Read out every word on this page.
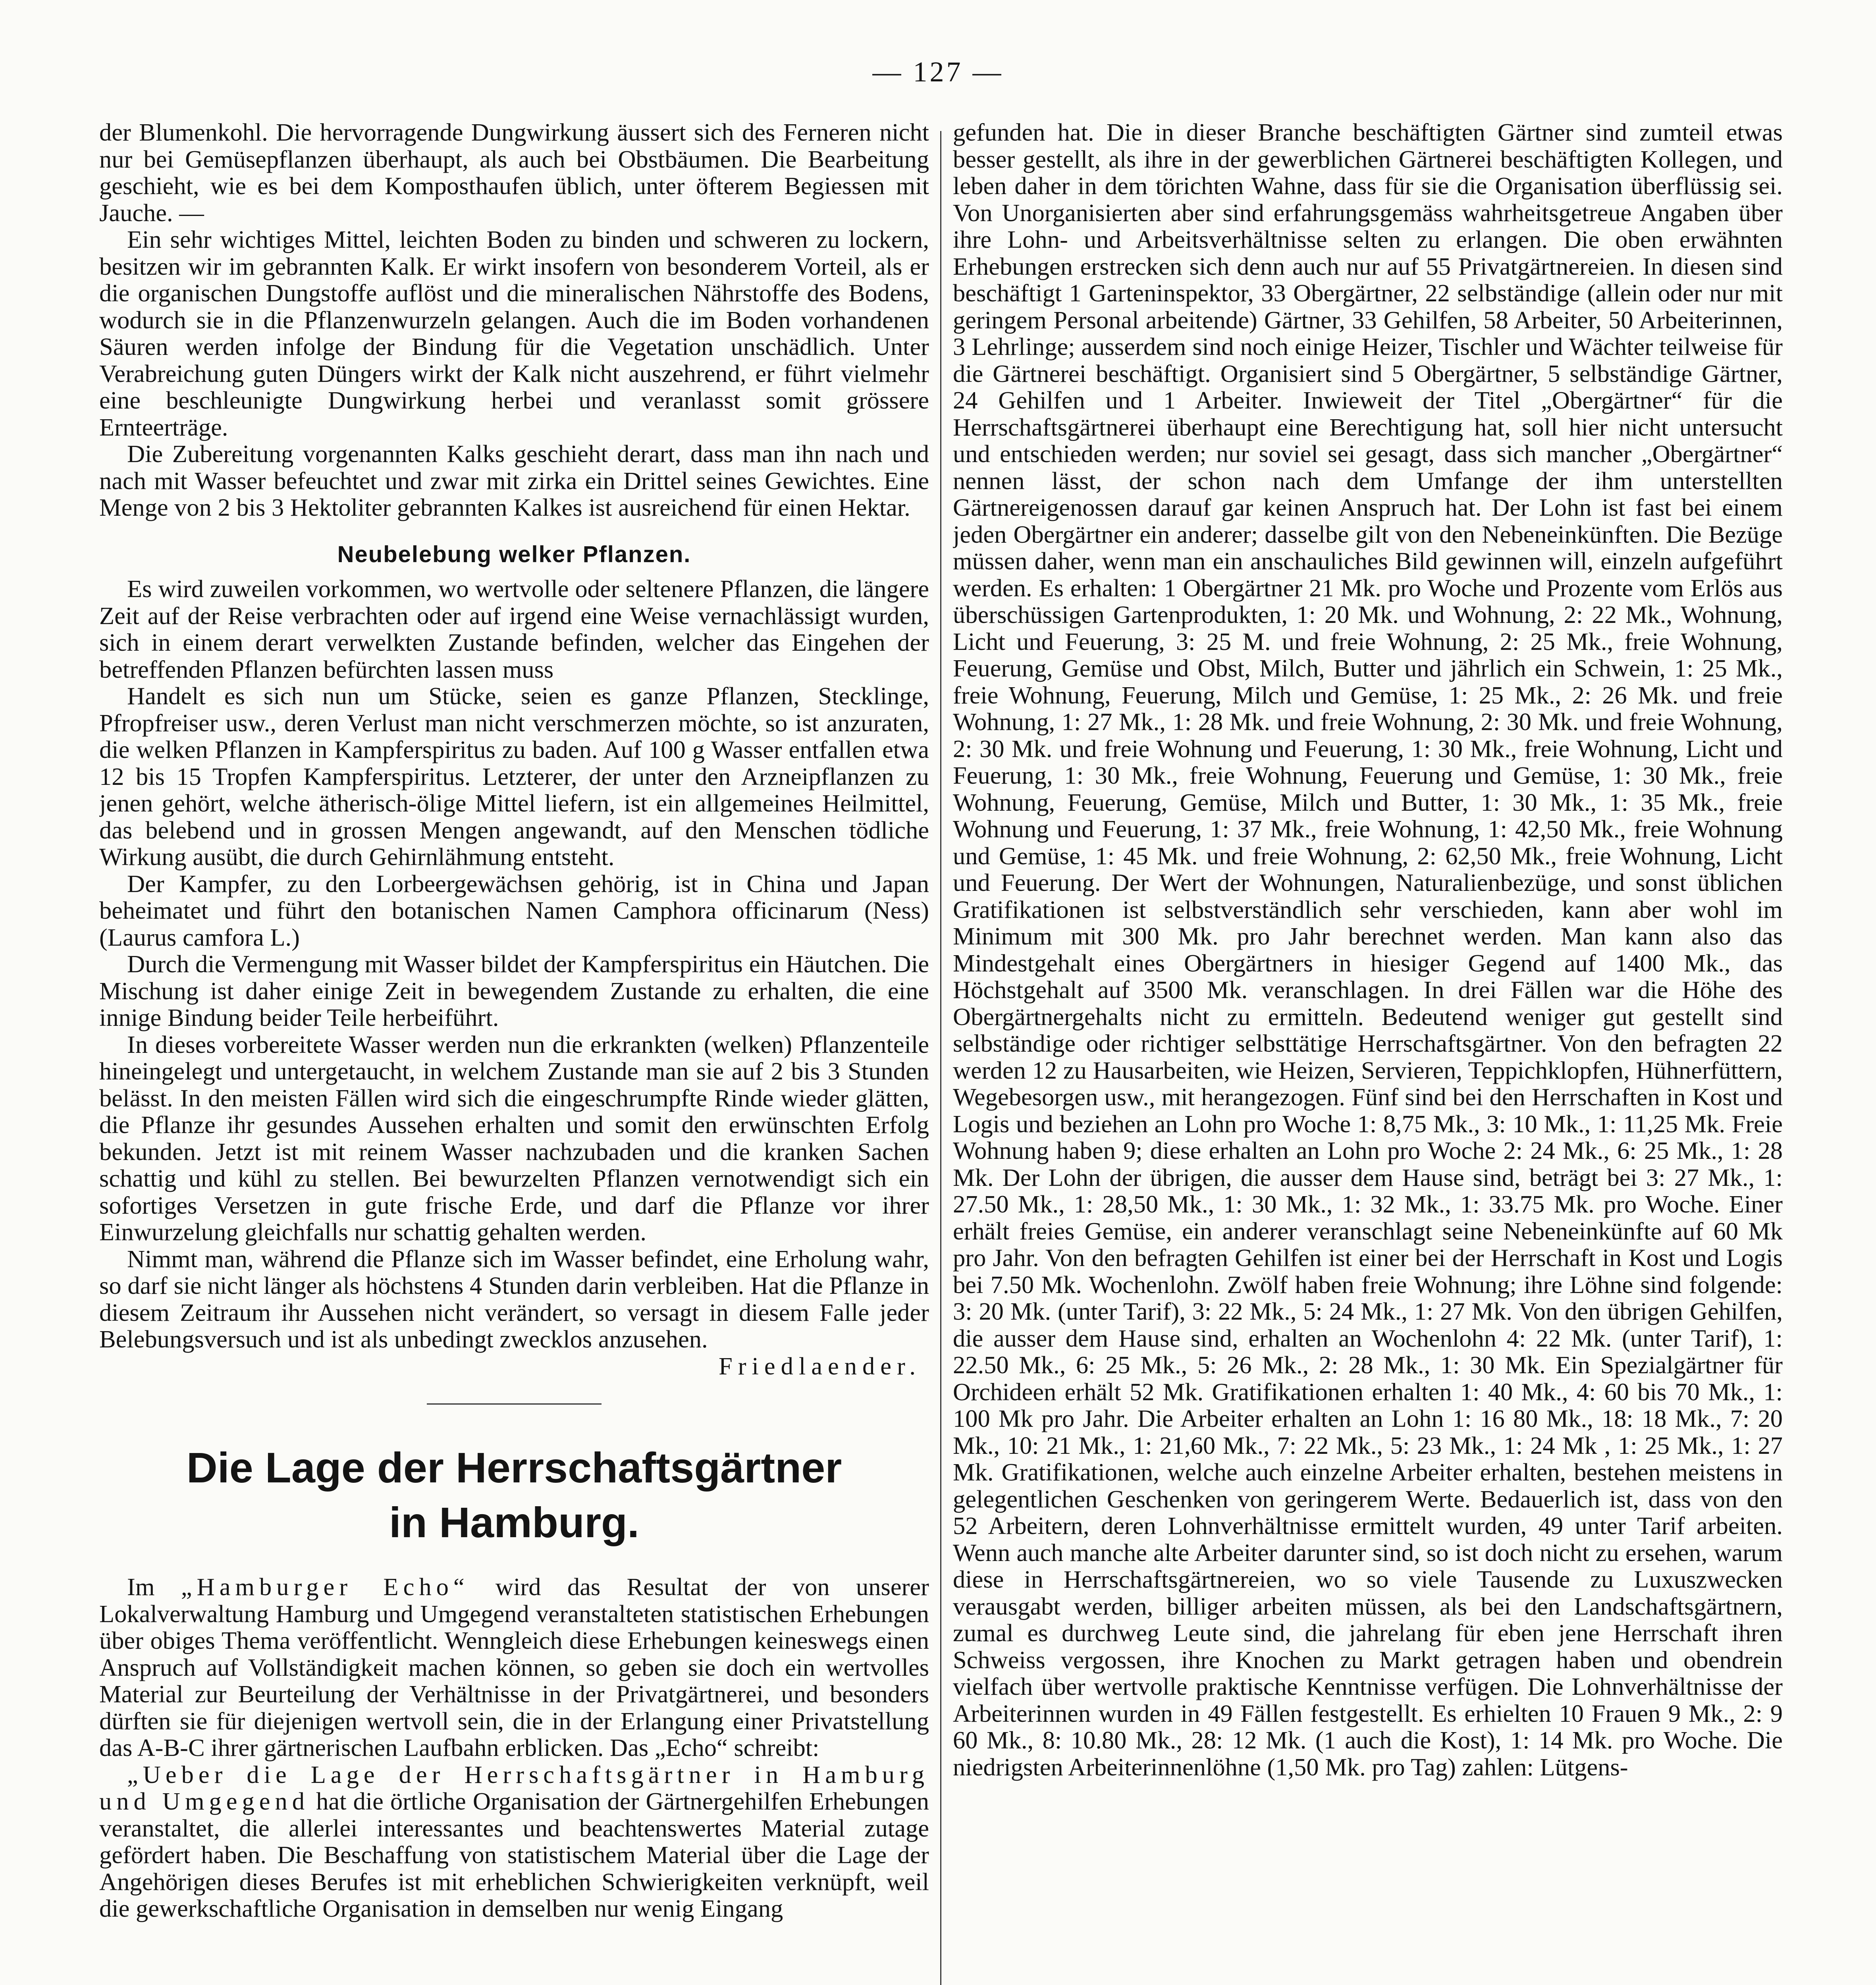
— 127 —

der Blumenkohl. Die hervorragende Dungwirkung äussert sich des Ferneren nicht nur bei Gemüsepflanzen überhaupt, als auch bei Obstbäumen. Die Bearbeitung geschieht, wie es bei dem Komposthaufen üblich, unter öfterem Begiessen mit Jauche. —

Ein sehr wichtiges Mittel, leichten Boden zu binden und schweren zu lockern, besitzen wir im gebrannten Kalk. Er wirkt insofern von besonderem Vorteil, als er die organischen Dungstoffe auflöst und die mineralischen Nährstoffe des Bodens, wodurch sie in die Pflanzenwurzeln gelangen. Auch die im Boden vorhandenen Säuren werden infolge der Bindung für die Vegetation unschädlich. Unter Verabreichung guten Düngers wirkt der Kalk nicht auszehrend, er führt vielmehr eine beschleunigte Dungwirkung herbei und veranlasst somit grössere Ernteerträge.

Die Zubereitung vorgenannten Kalks geschieht derart, dass man ihn nach und nach mit Wasser befeuchtet und zwar mit zirka ein Drittel seines Gewichtes. Eine Menge von 2 bis 3 Hektoliter gebrannten Kalkes ist ausreichend für einen Hektar.

Neubelebung welker Pflanzen.

Es wird zuweilen vorkommen, wo wertvolle oder seltenere Pflanzen, die längere Zeit auf der Reise verbrachten oder auf irgend eine Weise vernachlässigt wurden, sich in einem derart verwelkten Zustande befinden, welcher das Eingehen der betreffenden Pflanzen befürchten lassen muss

Handelt es sich nun um Stücke, seien es ganze Pflanzen, Stecklinge, Pfropfreiser usw., deren Verlust man nicht verschmerzen möchte, so ist anzuraten, die welken Pflanzen in Kampferspiritus zu baden. Auf 100 g Wasser entfallen etwa 12 bis 15 Tropfen Kampferspiritus. Letzterer, der unter den Arzneipflanzen zu jenen gehört, welche ätherisch-ölige Mittel liefern, ist ein allgemeines Heilmittel, das belebend und in grossen Mengen angewandt, auf den Menschen tödliche Wirkung ausübt, die durch Gehirnlähmung entsteht.

Der Kampfer, zu den Lorbeergewächsen gehörig, ist in China und Japan beheimatet und führt den botanischen Namen Camphora officinarum (Ness) (Laurus camfora L.)

Durch die Vermengung mit Wasser bildet der Kampferspiritus ein Häutchen. Die Mischung ist daher einige Zeit in bewegendem Zustande zu erhalten, die eine innige Bindung beider Teile herbeiführt.

In dieses vorbereitete Wasser werden nun die erkrankten (welken) Pflanzenteile hineingelegt und untergetaucht, in welchem Zustande man sie auf 2 bis 3 Stunden belässt. In den meisten Fällen wird sich die eingeschrumpfte Rinde wieder glätten, die Pflanze ihr gesundes Aussehen erhalten und somit den erwünschten Erfolg bekunden. Jetzt ist mit reinem Wasser nachzubaden und die kranken Sachen schattig und kühl zu stellen. Bei bewurzelten Pflanzen vernotwendigt sich ein sofortiges Versetzen in gute frische Erde, und darf die Pflanze vor ihrer Einwurzelung gleichfalls nur schattig gehalten werden.

Nimmt man, während die Pflanze sich im Wasser befindet, eine Erholung wahr, so darf sie nicht länger als höchstens 4 Stunden darin verbleiben. Hat die Pflanze in diesem Zeitraum ihr Aussehen nicht verändert, so versagt in diesem Falle jeder Belebungsversuch und ist als unbedingt zwecklos anzusehen.

Friedlaender.

Die Lage der Herrschaftsgärtner
in Hamburg.

Im „Hamburger Echo“ wird das Resultat der von unserer Lokalverwaltung Hamburg und Umgegend veranstalteten statistischen Erhebungen über obiges Thema veröffentlicht. Wenngleich diese Erhebungen keineswegs einen Anspruch auf Vollständigkeit machen können, so geben sie doch ein wertvolles Material zur Beurteilung der Verhältnisse in der Privatgärtnerei, und besonders dürften sie für diejenigen wertvoll sein, die in der Erlangung einer Privatstellung das A-B-C ihrer gärtnerischen Laufbahn erblicken. Das „Echo“ schreibt:

„Ueber die Lage der Herrschaftsgärtner in Hamburg und Umgegend hat die örtliche Organisation der Gärtnergehilfen Erhebungen veranstaltet, die allerlei interessantes und beachtenswertes Material zutage gefördert haben. Die Beschaffung von statistischem Material über die Lage der Angehörigen dieses Berufes ist mit erheblichen Schwierigkeiten verknüpft, weil die gewerkschaftliche Organisation in demselben nur wenig Eingang

gefunden hat. Die in dieser Branche beschäftigten Gärtner sind zumteil etwas besser gestellt, als ihre in der gewerblichen Gärtnerei beschäftigten Kollegen, und leben daher in dem törichten Wahne, dass für sie die Organisation überflüssig sei. Von Unorganisierten aber sind erfahrungsgemäss wahrheitsgetreue Angaben über ihre Lohn- und Arbeitsverhältnisse selten zu erlangen. Die oben erwähnten Erhebungen erstrecken sich denn auch nur auf 55 Privatgärtnereien. In diesen sind beschäftigt 1 Garteninspektor, 33 Obergärtner, 22 selbständige (allein oder nur mit geringem Personal arbeitende) Gärtner, 33 Gehilfen, 58 Arbeiter, 50 Arbeiterinnen, 3 Lehrlinge; ausserdem sind noch einige Heizer, Tischler und Wächter teilweise für die Gärtnerei beschäftigt. Organisiert sind 5 Obergärtner, 5 selbständige Gärtner, 24 Gehilfen und 1 Arbeiter. Inwieweit der Titel „Obergärtner“ für die Herrschaftsgärtnerei überhaupt eine Berechtigung hat, soll hier nicht untersucht und entschieden werden; nur soviel sei gesagt, dass sich mancher „Obergärtner“ nennen lässt, der schon nach dem Umfange der ihm unterstellten Gärtnereigenossen darauf gar keinen Anspruch hat. Der Lohn ist fast bei einem jeden Obergärtner ein anderer; dasselbe gilt von den Nebeneinkünften. Die Bezüge müssen daher, wenn man ein anschauliches Bild gewinnen will, einzeln aufgeführt werden. Es erhalten: 1 Obergärtner 21 Mk. pro Woche und Prozente vom Erlös aus überschüssigen Gartenprodukten, 1: 20 Mk. und Wohnung, 2: 22 Mk., Wohnung, Licht und Feuerung, 3: 25 M. und freie Wohnung, 2: 25 Mk., freie Wohnung, Feuerung, Gemüse und Obst, Milch, Butter und jährlich ein Schwein, 1: 25 Mk., freie Wohnung, Feuerung, Milch und Gemüse, 1: 25 Mk., 2: 26 Mk. und freie Wohnung, 1: 27 Mk., 1: 28 Mk. und freie Wohnung, 2: 30 Mk. und freie Wohnung, 2: 30 Mk. und freie Wohnung und Feuerung, 1: 30 Mk., freie Wohnung, Licht und Feuerung, 1: 30 Mk., freie Wohnung, Feuerung und Gemüse, 1: 30 Mk., freie Wohnung, Feuerung, Gemüse, Milch und Butter, 1: 30 Mk., 1: 35 Mk., freie Wohnung und Feuerung, 1: 37 Mk., freie Wohnung, 1: 42,50 Mk., freie Wohnung und Gemüse, 1: 45 Mk. und freie Wohnung, 2: 62,50 Mk., freie Wohnung, Licht und Feuerung. Der Wert der Wohnungen, Naturalienbezüge, und sonst üblichen Gratifikationen ist selbstverständlich sehr verschieden, kann aber wohl im Minimum mit 300 Mk. pro Jahr berechnet werden. Man kann also das Mindestgehalt eines Obergärtners in hiesiger Gegend auf 1400 Mk., das Höchstgehalt auf 3500 Mk. veranschlagen. In drei Fällen war die Höhe des Obergärtnergehalts nicht zu ermitteln. Bedeutend weniger gut gestellt sind selbständige oder richtiger selbsttätige Herrschaftsgärtner. Von den befragten 22 werden 12 zu Hausarbeiten, wie Heizen, Servieren, Teppichklopfen, Hühnerfüttern, Wegebesorgen usw., mit herangezogen. Fünf sind bei den Herrschaften in Kost und Logis und beziehen an Lohn pro Woche 1: 8,75 Mk., 3: 10 Mk., 1: 11,25 Mk. Freie Wohnung haben 9; diese erhalten an Lohn pro Woche 2: 24 Mk., 6: 25 Mk., 1: 28 Mk. Der Lohn der übrigen, die ausser dem Hause sind, beträgt bei 3: 27 Mk., 1: 27.50 Mk., 1: 28,50 Mk., 1: 30 Mk., 1: 32 Mk., 1: 33.75 Mk. pro Woche. Einer erhält freies Gemüse, ein anderer veranschlagt seine Nebeneinkünfte auf 60 Mk pro Jahr. Von den befragten Gehilfen ist einer bei der Herrschaft in Kost und Logis bei 7.50 Mk. Wochenlohn. Zwölf haben freie Wohnung; ihre Löhne sind folgende: 3: 20 Mk. (unter Tarif), 3: 22 Mk., 5: 24 Mk., 1: 27 Mk. Von den übrigen Gehilfen, die ausser dem Hause sind, erhalten an Wochenlohn 4: 22 Mk. (unter Tarif), 1: 22.50 Mk., 6: 25 Mk., 5: 26 Mk., 2: 28 Mk., 1: 30 Mk. Ein Spezialgärtner für Orchideen erhält 52 Mk. Gratifikationen erhalten 1: 40 Mk., 4: 60 bis 70 Mk., 1: 100 Mk pro Jahr. Die Arbeiter erhalten an Lohn 1: 16 80 Mk., 18: 18 Mk., 7: 20 Mk., 10: 21 Mk., 1: 21,60 Mk., 7: 22 Mk., 5: 23 Mk., 1: 24 Mk , 1: 25 Mk., 1: 27 Mk. Gratifikationen, welche auch einzelne Arbeiter erhalten, bestehen meistens in gelegentlichen Geschenken von geringerem Werte. Bedauerlich ist, dass von den 52 Arbeitern, deren Lohnverhältnisse ermittelt wurden, 49 unter Tarif arbeiten. Wenn auch manche alte Arbeiter darunter sind, so ist doch nicht zu ersehen, warum diese in Herrschaftsgärtnereien, wo so viele Tausende zu Luxuszwecken verausgabt werden, billiger arbeiten müssen, als bei den Landschaftsgärtnern, zumal es durchweg Leute sind, die jahrelang für eben jene Herrschaft ihren Schweiss vergossen, ihre Knochen zu Markt getragen haben und obendrein vielfach über wertvolle praktische Kenntnisse verfügen. Die Lohnverhältnisse der Arbeiterinnen wurden in 49 Fällen festgestellt. Es erhielten 10 Frauen 9 Mk., 2: 9 60 Mk., 8: 10.80 Mk., 28: 12 Mk. (1 auch die Kost), 1: 14 Mk. pro Woche. Die niedrigsten Arbeiterinnenlöhne (1,50 Mk. pro Tag) zahlen: Lütgens-
